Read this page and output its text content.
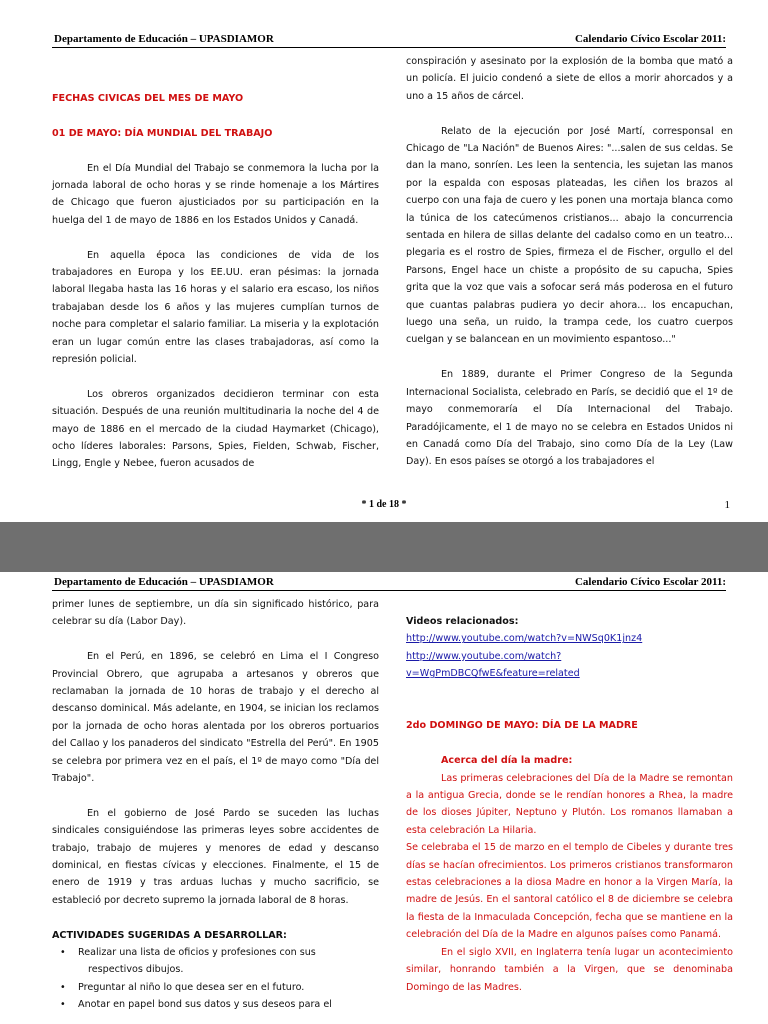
Departamento de Educación – UPASDIAMOR	Calendario Cívico Escolar 2011:

FECHAS CIVICAS DEL MES DE MAYO

01 DE MAYO: DÍA MUNDIAL DEL TRABAJO

En el Día Mundial del Trabajo se conmemora la lucha por la jornada laboral de ocho horas y se rinde homenaje a los Mártires de Chicago que fueron ajusticiados por su participación en la huelga del 1 de mayo de 1886 en los Estados Unidos y Canadá.

En aquella época las condiciones de vida de los trabajadores en Europa y los EE.UU. eran pésimas: la jornada laboral llegaba hasta las 16 horas y el salario era escaso, los niños trabajaban desde los 6 años y las mujeres cumplían turnos de noche para completar el salario familiar. La miseria y la explotación eran un lugar común entre las clases trabajadoras, así como la represión policial.

Los obreros organizados decidieron terminar con esta situación. Después de una reunión multitudinaria la noche del 4 de mayo de 1886 en el mercado de la ciudad Haymarket (Chicago), ocho líderes laborales: Parsons, Spies, Fielden, Schwab, Fischer, Lingg, Engle y Nebee, fueron acusados de

conspiración y asesinato por la explosión de la bomba que mató a un policía. El juicio condenó a siete de ellos a morir ahorcados y a uno a 15 años de cárcel.

Relato de la ejecución por José Martí, corresponsal en Chicago de "La Nación" de Buenos Aires: "...salen de sus celdas. Se dan la mano, sonríen. Les leen la sentencia, les sujetan las manos por la espalda con esposas plateadas, les ciñen los brazos al cuerpo con una faja de cuero y les ponen una mortaja blanca como la túnica de los catecúmenos cristianos... abajo la concurrencia sentada en hilera de sillas delante del cadalso como en un teatro... plegaria es el rostro de Spies, firmeza el de Fischer, orgullo el del Parsons, Engel hace un chiste a propósito de su capucha, Spies grita que la voz que vais a sofocar será más poderosa en el futuro que cuantas palabras pudiera yo decir ahora... los encapuchan, luego una seña, un ruido, la trampa cede, los cuatro cuerpos cuelgan y se balancean en un movimiento espantoso..."

En 1889, durante el Primer Congreso de la Segunda Internacional Socialista, celebrado en París, se decidió que el 1º de mayo conmemoraría el Día Internacional del Trabajo. Paradójicamente, el 1 de mayo no se celebra en Estados Unidos ni en Canadá como Día del Trabajo, sino como Día de la Ley (Law Day). En esos países se otorgó a los trabajadores el

* 1 de 18 *	1
Departamento de Educación – UPASDIAMOR	Calendario Cívico Escolar 2011:

primer lunes de septiembre, un día sin significado histórico, para celebrar su día (Labor Day).

En el Perú, en 1896, se celebró en Lima el I Congreso Provincial Obrero, que agrupaba a artesanos y obreros que reclamaban la jornada de 10 horas de trabajo y el derecho al descanso dominical. Más adelante, en 1904, se inician los reclamos por la jornada de ocho horas alentada por los obreros portuarios del Callao y los panaderos del sindicato "Estrella del Perú". En 1905 se celebra por primera vez en el país, el 1º de mayo como "Día del Trabajo".

En el gobierno de José Pardo se suceden las luchas sindicales consiguiéndose las primeras leyes sobre accidentes de trabajo, trabajo de mujeres y menores de edad y descanso dominical, en fiestas cívicas y elecciones. Finalmente, el 15 de enero de 1919 y tras arduas luchas y mucho sacrificio, se estableció por decreto supremo la jornada laboral de 8 horas.

ACTIVIDADES SUGERIDAS A DESARROLLAR:

• Realizar una lista de oficios y profesiones con sus
respectivos dibujos.
• Preguntar al niño lo que desea ser en el futuro.
• Anotar en papel bond sus datos y sus deseos para el

Videos relacionados:

http://www.youtube.com/watch?v=NWSq0K1jnz4
http://www.youtube.com/watch?
v=WgPmDBCQfwE&feature=related

2do DOMINGO DE MAYO: DÍA DE LA MADRE

Acerca del día la madre:

Las primeras celebraciones del Día de la Madre se remontan a la antigua Grecia, donde se le rendían honores a Rhea, la madre de los dioses Júpiter, Neptuno y Plutón. Los romanos llamaban a esta celebración La Hilaria.

Se celebraba el 15 de marzo en el templo de Cibeles y durante tres días se hacían ofrecimientos. Los primeros cristianos transformaron estas celebraciones a la diosa Madre en honor a la Virgen María, la madre de Jesús. En el santoral católico el 8 de diciembre se celebra la fiesta de la Inmaculada Concepción, fecha que se mantiene en la celebración del Día de la Madre en algunos países como Panamá.

En el siglo XVII, en Inglaterra tenía lugar un acontecimiento similar, honrando también a la Virgen, que se denominaba Domingo de las Madres.
